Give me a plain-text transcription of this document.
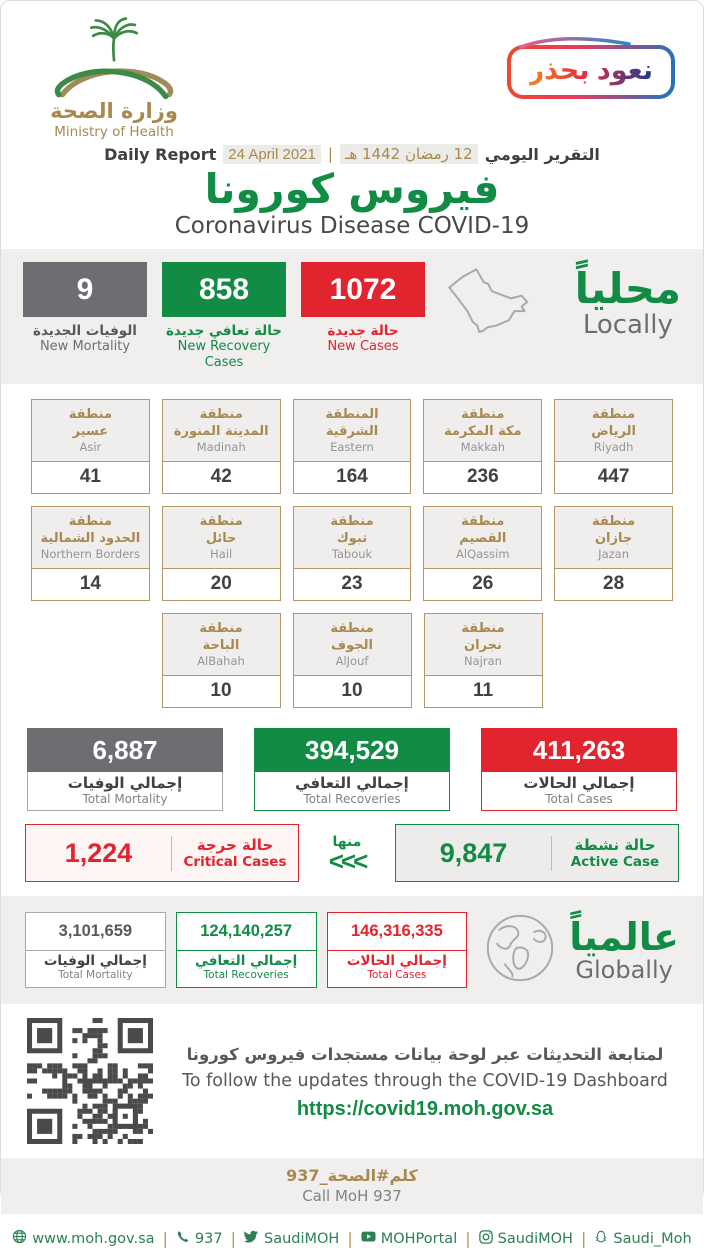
وزارة الصحة
Ministry of Health
نعود بحذر
Daily Report 24 April 2021 | 12 رمضان 1442 هـ التقرير اليومي
فيروس كورونا
Coronavirus Disease COVID-19
9
الوفيات الجديدة
New Mortality
858
حالة تعافي جديدة
New Recovery Cases
1072
حالة جديدة
New Cases
محلياً
Locally
منطقة
عسير
Asir
41
منطقة
المدينة المنورة
Madinah
42
المنطقة
الشرقية
Eastern
164
منطقة
مكة المكرمة
Makkah
236
منطقة
الرياض
Riyadh
447
منطقة
الحدود الشمالية
Northern Borders
14
منطقة
حائل
Hail
20
منطقة
تبوك
Tabouk
23
منطقة
القصيم
AlQassim
26
منطقة
جازان
Jazan
28
منطقة
الباحة
AlBahah
10
منطقة
الجوف
AlJouf
10
منطقة
نجران
Najran
11
6,887
إجمالي الوفيات
Total Mortality
394,529
إجمالي التعافي
Total Recoveries
411,263
إجمالي الحالات
Total Cases
1,224	حالة حرجة
Critical Cases
منها
<<<	9,847	حالة نشطة
Active Case
3,101,659
إجمالي الوفيات
Total Mortality
124,140,257
إجمالي التعافي
Total Recoveries
146,316,335
إجمالي الحالات
Total Cases
عالمياً
Globally
لمتابعة التحديثات عبر لوحة بيانات مستجدات فيروس كورونا
To follow the updates through the COVID-19 Dashboard
https://covid19.moh.gov.sa
كلم#الصحة_937
Call MoH 937
www.moh.gov.sa | 937 | SaudiMOH | MOHPortal | SaudiMOH | Saudi_Moh
